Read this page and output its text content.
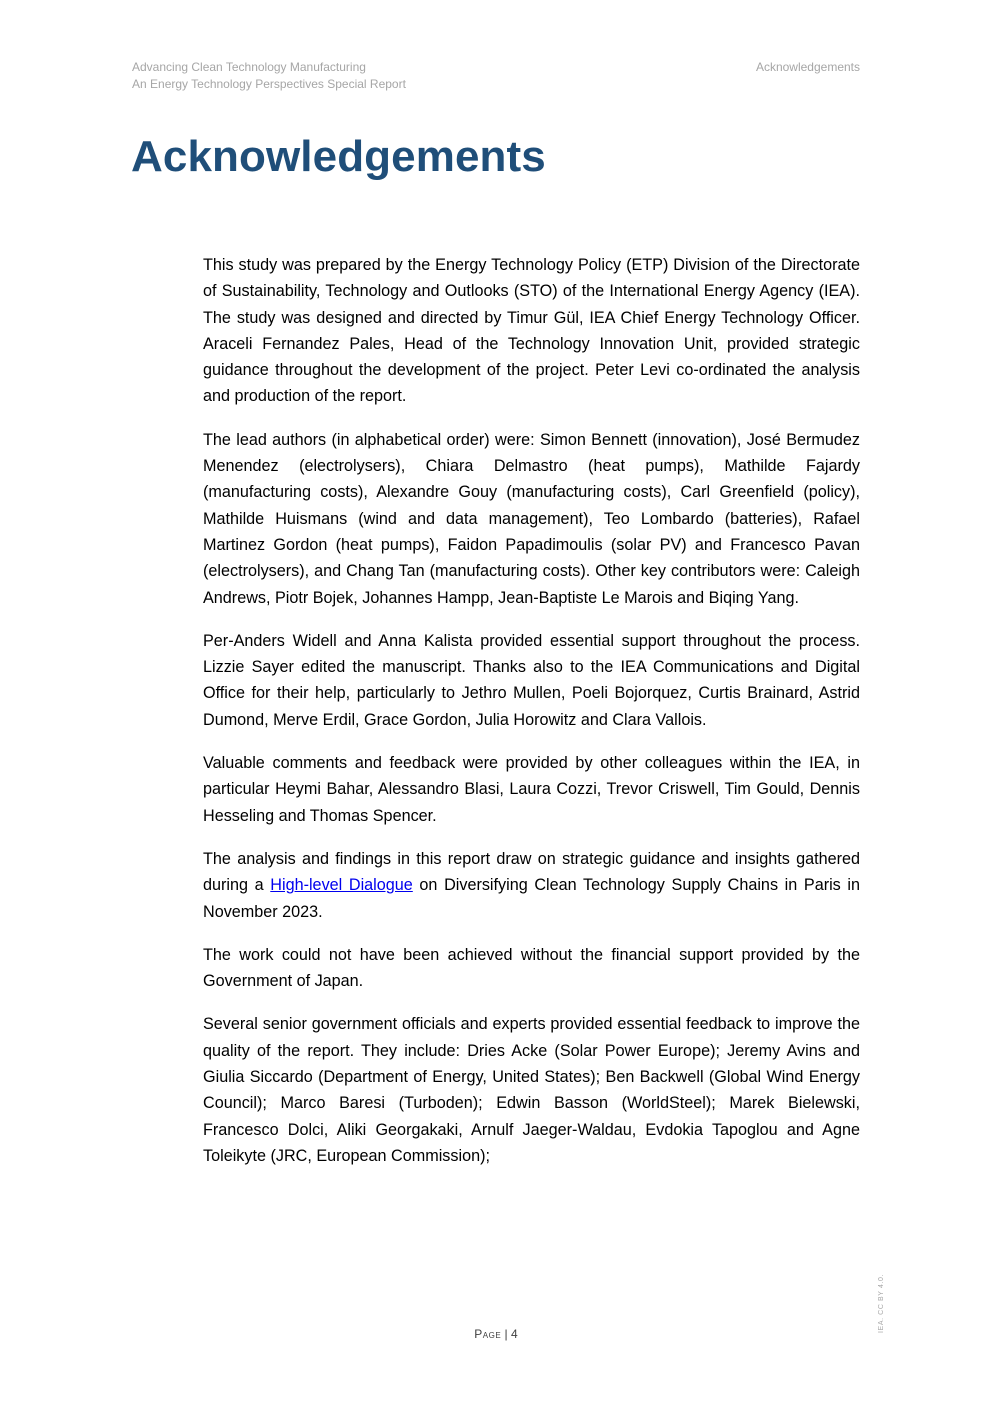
Advancing Clean Technology Manufacturing
An Energy Technology Perspectives Special Report
Acknowledgements
Acknowledgements

This study was prepared by the Energy Technology Policy (ETP) Division of the Directorate of Sustainability, Technology and Outlooks (STO) of the International Energy Agency (IEA). The study was designed and directed by Timur Gül, IEA Chief Energy Technology Officer. Araceli Fernandez Pales, Head of the Technology Innovation Unit, provided strategic guidance throughout the development of the project. Peter Levi co-ordinated the analysis and production of the report.

The lead authors (in alphabetical order) were: Simon Bennett (innovation), José Bermudez Menendez (electrolysers), Chiara Delmastro (heat pumps), Mathilde Fajardy (manufacturing costs), Alexandre Gouy (manufacturing costs), Carl Greenfield (policy), Mathilde Huismans (wind and data management), Teo Lombardo (batteries), Rafael Martinez Gordon (heat pumps), Faidon Papadimoulis (solar PV) and Francesco Pavan (electrolysers), and Chang Tan (manufacturing costs). Other key contributors were: Caleigh Andrews, Piotr Bojek, Johannes Hampp, Jean-Baptiste Le Marois and Biqing Yang.

Per-Anders Widell and Anna Kalista provided essential support throughout the process. Lizzie Sayer edited the manuscript. Thanks also to the IEA Communications and Digital Office for their help, particularly to Jethro Mullen, Poeli Bojorquez, Curtis Brainard, Astrid Dumond, Merve Erdil, Grace Gordon, Julia Horowitz and Clara Vallois.

Valuable comments and feedback were provided by other colleagues within the IEA, in particular Heymi Bahar, Alessandro Blasi, Laura Cozzi, Trevor Criswell, Tim Gould, Dennis Hesseling and Thomas Spencer.

The analysis and findings in this report draw on strategic guidance and insights gathered during a High-level Dialogue on Diversifying Clean Technology Supply Chains in Paris in November 2023.

The work could not have been achieved without the financial support provided by the Government of Japan.

Several senior government officials and experts provided essential feedback to improve the quality of the report. They include: Dries Acke (Solar Power Europe); Jeremy Avins and Giulia Siccardo (Department of Energy, United States); Ben Backwell (Global Wind Energy Council); Marco Baresi (Turboden); Edwin Basson (WorldSteel); Marek Bielewski, Francesco Dolci, Aliki Georgakaki, Arnulf Jaeger-Waldau, Evdokia Tapoglou and Agne Toleikyte (JRC, European Commission);

Page | 4
IEA. CC BY 4.0.
